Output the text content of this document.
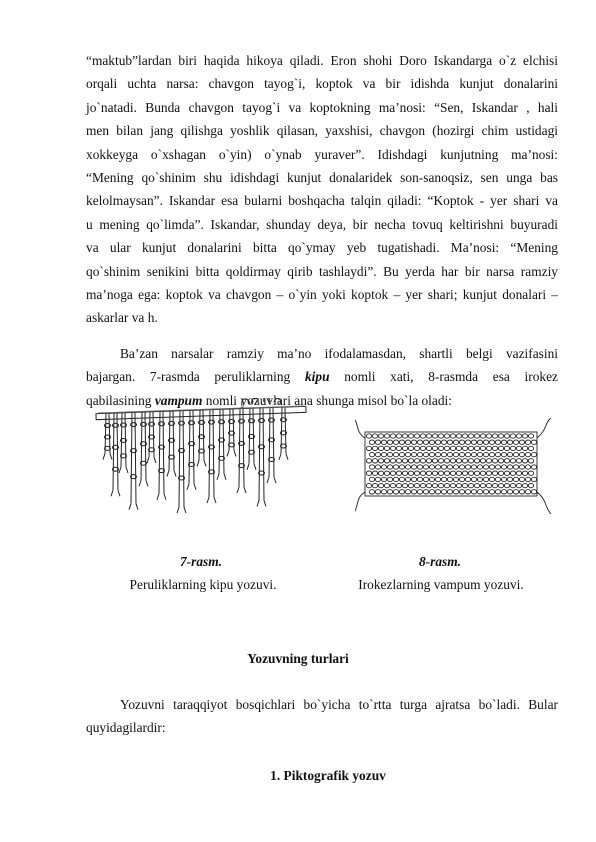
“maktub”lardan biri haqida hikoya qiladi. Eron shohi Doro Iskandarga o`z elchisi
orqali uchta narsa: chavgon tayog`i, koptok va bir idishda kunjut donalarini
jo`natadi. Bunda chavgon tayog`i va koptokning ma’nosi: “Sen, Iskandar , hali
men bilan jang qilishga yoshlik qilasan, yaxshisi, chavgon (hozirgi chim ustidagi
xokkeyga o`xshagan o`yin) o`ynab yuraver”. Idishdagi kunjutning ma’nosi:
“Mening qo`shinim shu idishdagi kunjut donalaridek son-sanoqsiz, sen unga bas
kelolmaysan”. Iskandar esa bularni boshqacha talqin qiladi: “Koptok - yer shari va
u mening qo`limda”. Iskandar, shunday deya, bir necha tovuq keltirishni buyuradi
va ular kunjut donalarini bitta qo`ymay yeb tugatishadi. Ma’nosi: “Mening
qo`shinim senikini bitta qoldirmay qirib tashlaydi”. Bu yerda har bir narsa ramziy
ma’noga ega: koptok va chavgon – o`yin yoki koptok – yer shari; kunjut donalari –
askarlar va h.
Ba’zan narsalar ramziy ma’no ifodalamasdan, shartli belgi vazifasini
bajargan. 7-rasmda peruliklarning kipu nomli xati, 8-rasmda esa irokez
qabilasining vampum nomli yozuvlari ana shunga misol bo`la oladi:
7-rasm.
Peruliklarning kipu yozuvi.
8-rasm.
Irokezlarning vampum yozuvi.
Yozuvning turlari
Yozuvni taraqqiyot bosqichlari bo`yicha to`rtta turga ajratsa bo`ladi. Bular
quyidagilardir:
1. Piktografik yozuv
